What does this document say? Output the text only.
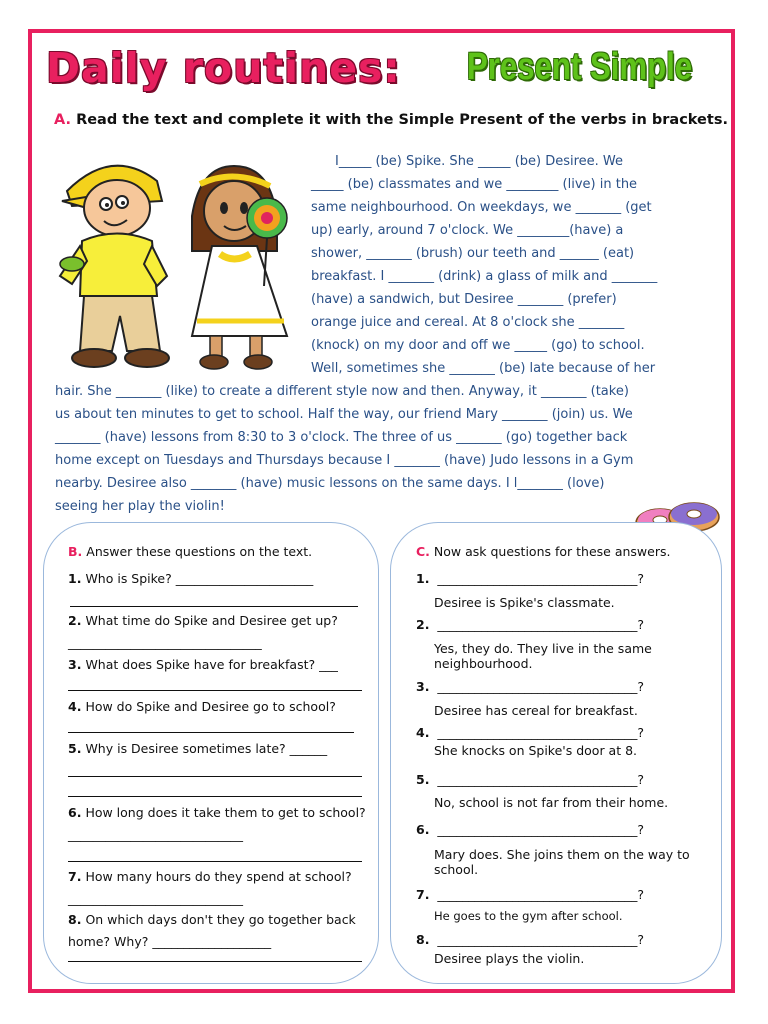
Daily routines: Present Simple
A. Read the text and complete it with the Simple Present of the verbs in brackets.
I_____ (be) Spike. She _____ (be) Desiree. We
_____ (be) classmates and we ________ (live) in the
same neighbourhood. On weekdays, we _______ (get
up) early, around 7 o'clock. We ________(have) a
shower, _______ (brush) our teeth and ______ (eat)
breakfast. I _______ (drink) a glass of milk and _______
(have) a sandwich, but Desiree _______ (prefer)
orange juice and cereal. At 8 o'clock she _______
(knock) on my door and off we _____ (go) to school.
Well, sometimes she _______ (be) late because of her
hair. She _______ (like) to create a different style now and then. Anyway, it _______ (take)
us about ten minutes to get to school. Half the way, our friend Mary _______ (join) us. We
_______ (have) lessons from 8:30 to 3 o'clock. The three of us _______ (go) together back
home except on Tuesdays and Thursdays because I _______ (have) Judo lessons in a Gym
nearby. Desiree also _______ (have) music lessons on the same days. I l_______ (love)
seeing her play the violin!
B. Answer these questions on the text.
1. Who is Spike? ______________________
2. What time do Spike and Desiree get up? _______________________________
3. What does Spike have for breakfast? ___
4. How do Spike and Desiree go to school?
5. Why is Desiree sometimes late? ______
6. How long does it take them to get to school? ____________________________
7. How many hours do they spend at school? ____________________________
8. On which days don't they go together back home? Why? ___________________
C. Now ask questions for these answers.
1. ________________________________?
Desiree is Spike's classmate.
2. ________________________________?
Yes, they do. They live in the same neighbourhood.
3. ________________________________?
Desiree has cereal for breakfast.
4. ________________________________?
She knocks on Spike's door at 8.
5. ________________________________?
No, school is not far from their home.
6. ________________________________?
Mary does. She joins them on the way to school.
7. ________________________________?
He goes to the gym after school.
8. ________________________________?
Desiree plays the violin.
